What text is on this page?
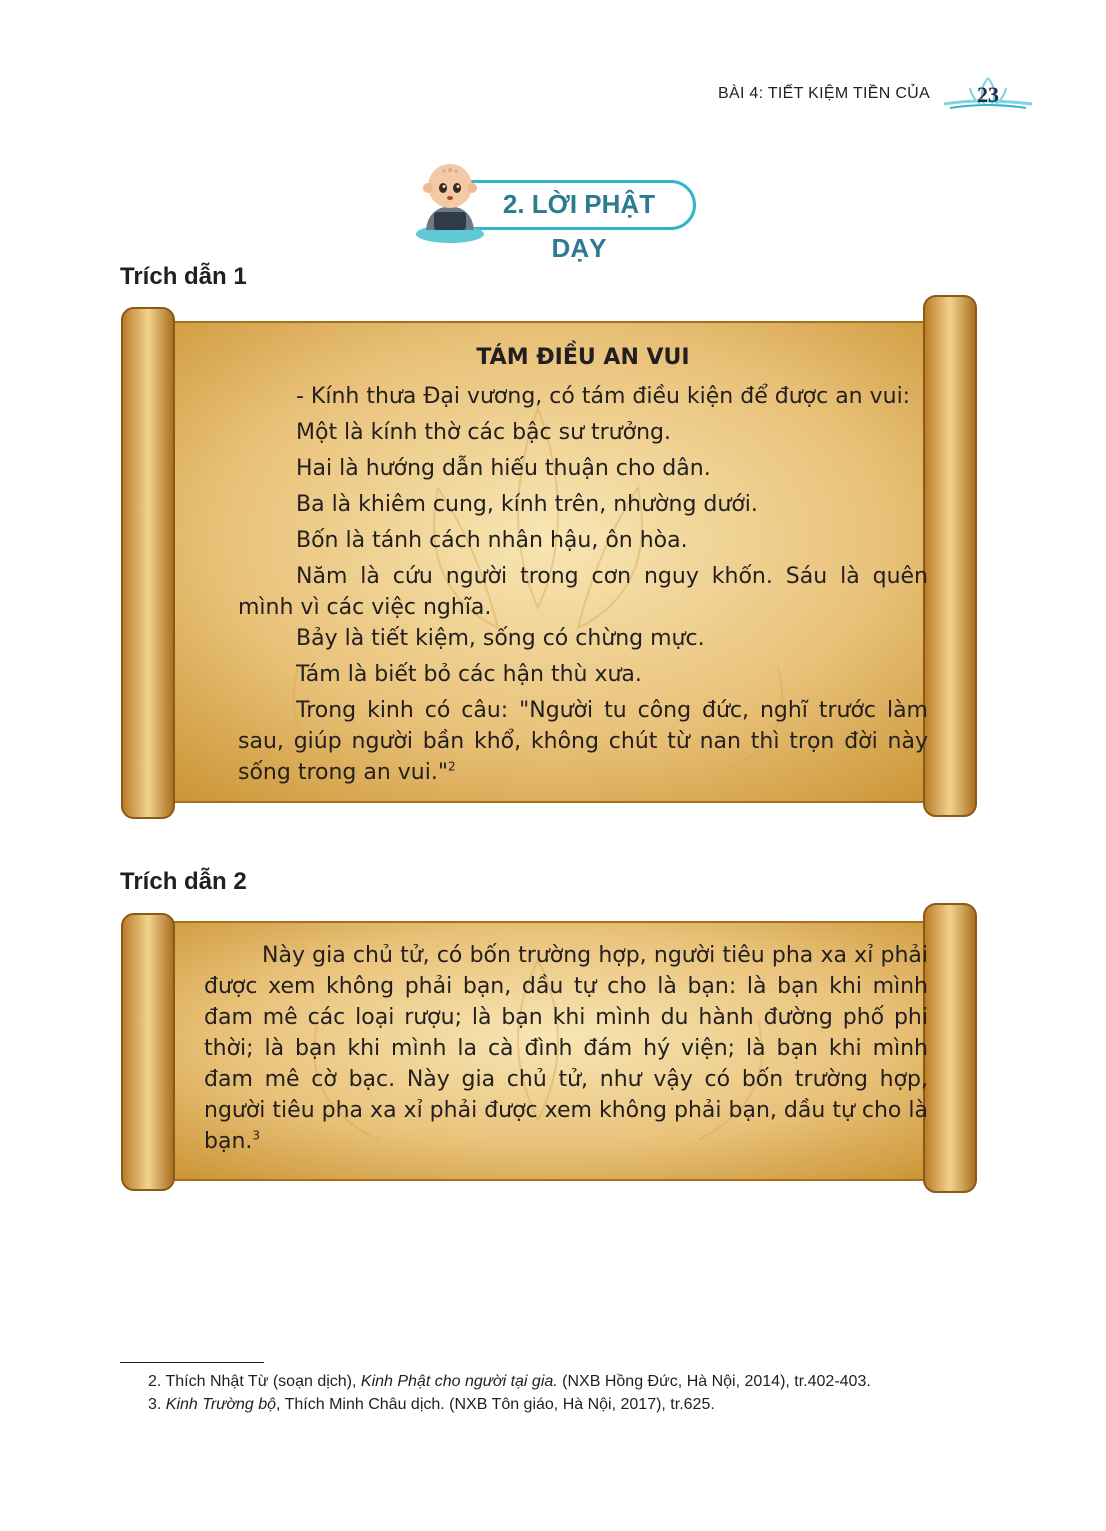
BÀI 4: TIẾT KIỆM TIỀN CỦA	23
2. LỜI PHẬT DẠY
Trích dẫn 1
TÁM ĐIỀU AN VUI

- Kính thưa Đại vương, có tám điều kiện để được an vui:

Một là kính thờ các bậc sư trưởng.

Hai là hướng dẫn hiếu thuận cho dân.

Ba là khiêm cung, kính trên, nhường dưới.

Bốn là tánh cách nhân hậu, ôn hòa.

Năm là cứu người trong cơn nguy khốn. Sáu là quên mình vì các việc nghĩa.

Bảy là tiết kiệm, sống có chừng mực.

Tám là biết bỏ các hận thù xưa.

Trong kinh có câu: "Người tu công đức, nghĩ trước làm sau, giúp người bần khổ, không chút từ nan thì trọn đời này sống trong an vui."$^2$

Trích dẫn 2

Này gia chủ tử, có bốn trường hợp, người tiêu pha xa xỉ phải được xem không phải bạn, dầu tự cho là bạn: là bạn khi mình đam mê các loại rượu; là bạn khi mình du hành đường phố phi thời; là bạn khi mình la cà đình đám hý viện; là bạn khi mình đam mê cờ bạc. Này gia chủ tử, như vậy có bốn trường hợp, người tiêu pha xa xỉ phải được xem không phải bạn, dầu tự cho là bạn.$^3$

2. Thích Nhật Từ (soạn dịch), Kinh Phật cho người tại gia. (NXB Hồng Đức, Hà Nội, 2014), tr.402-403.

3. Kinh Trường bộ, Thích Minh Châu dịch. (NXB Tôn giáo, Hà Nội, 2017), tr.625.
